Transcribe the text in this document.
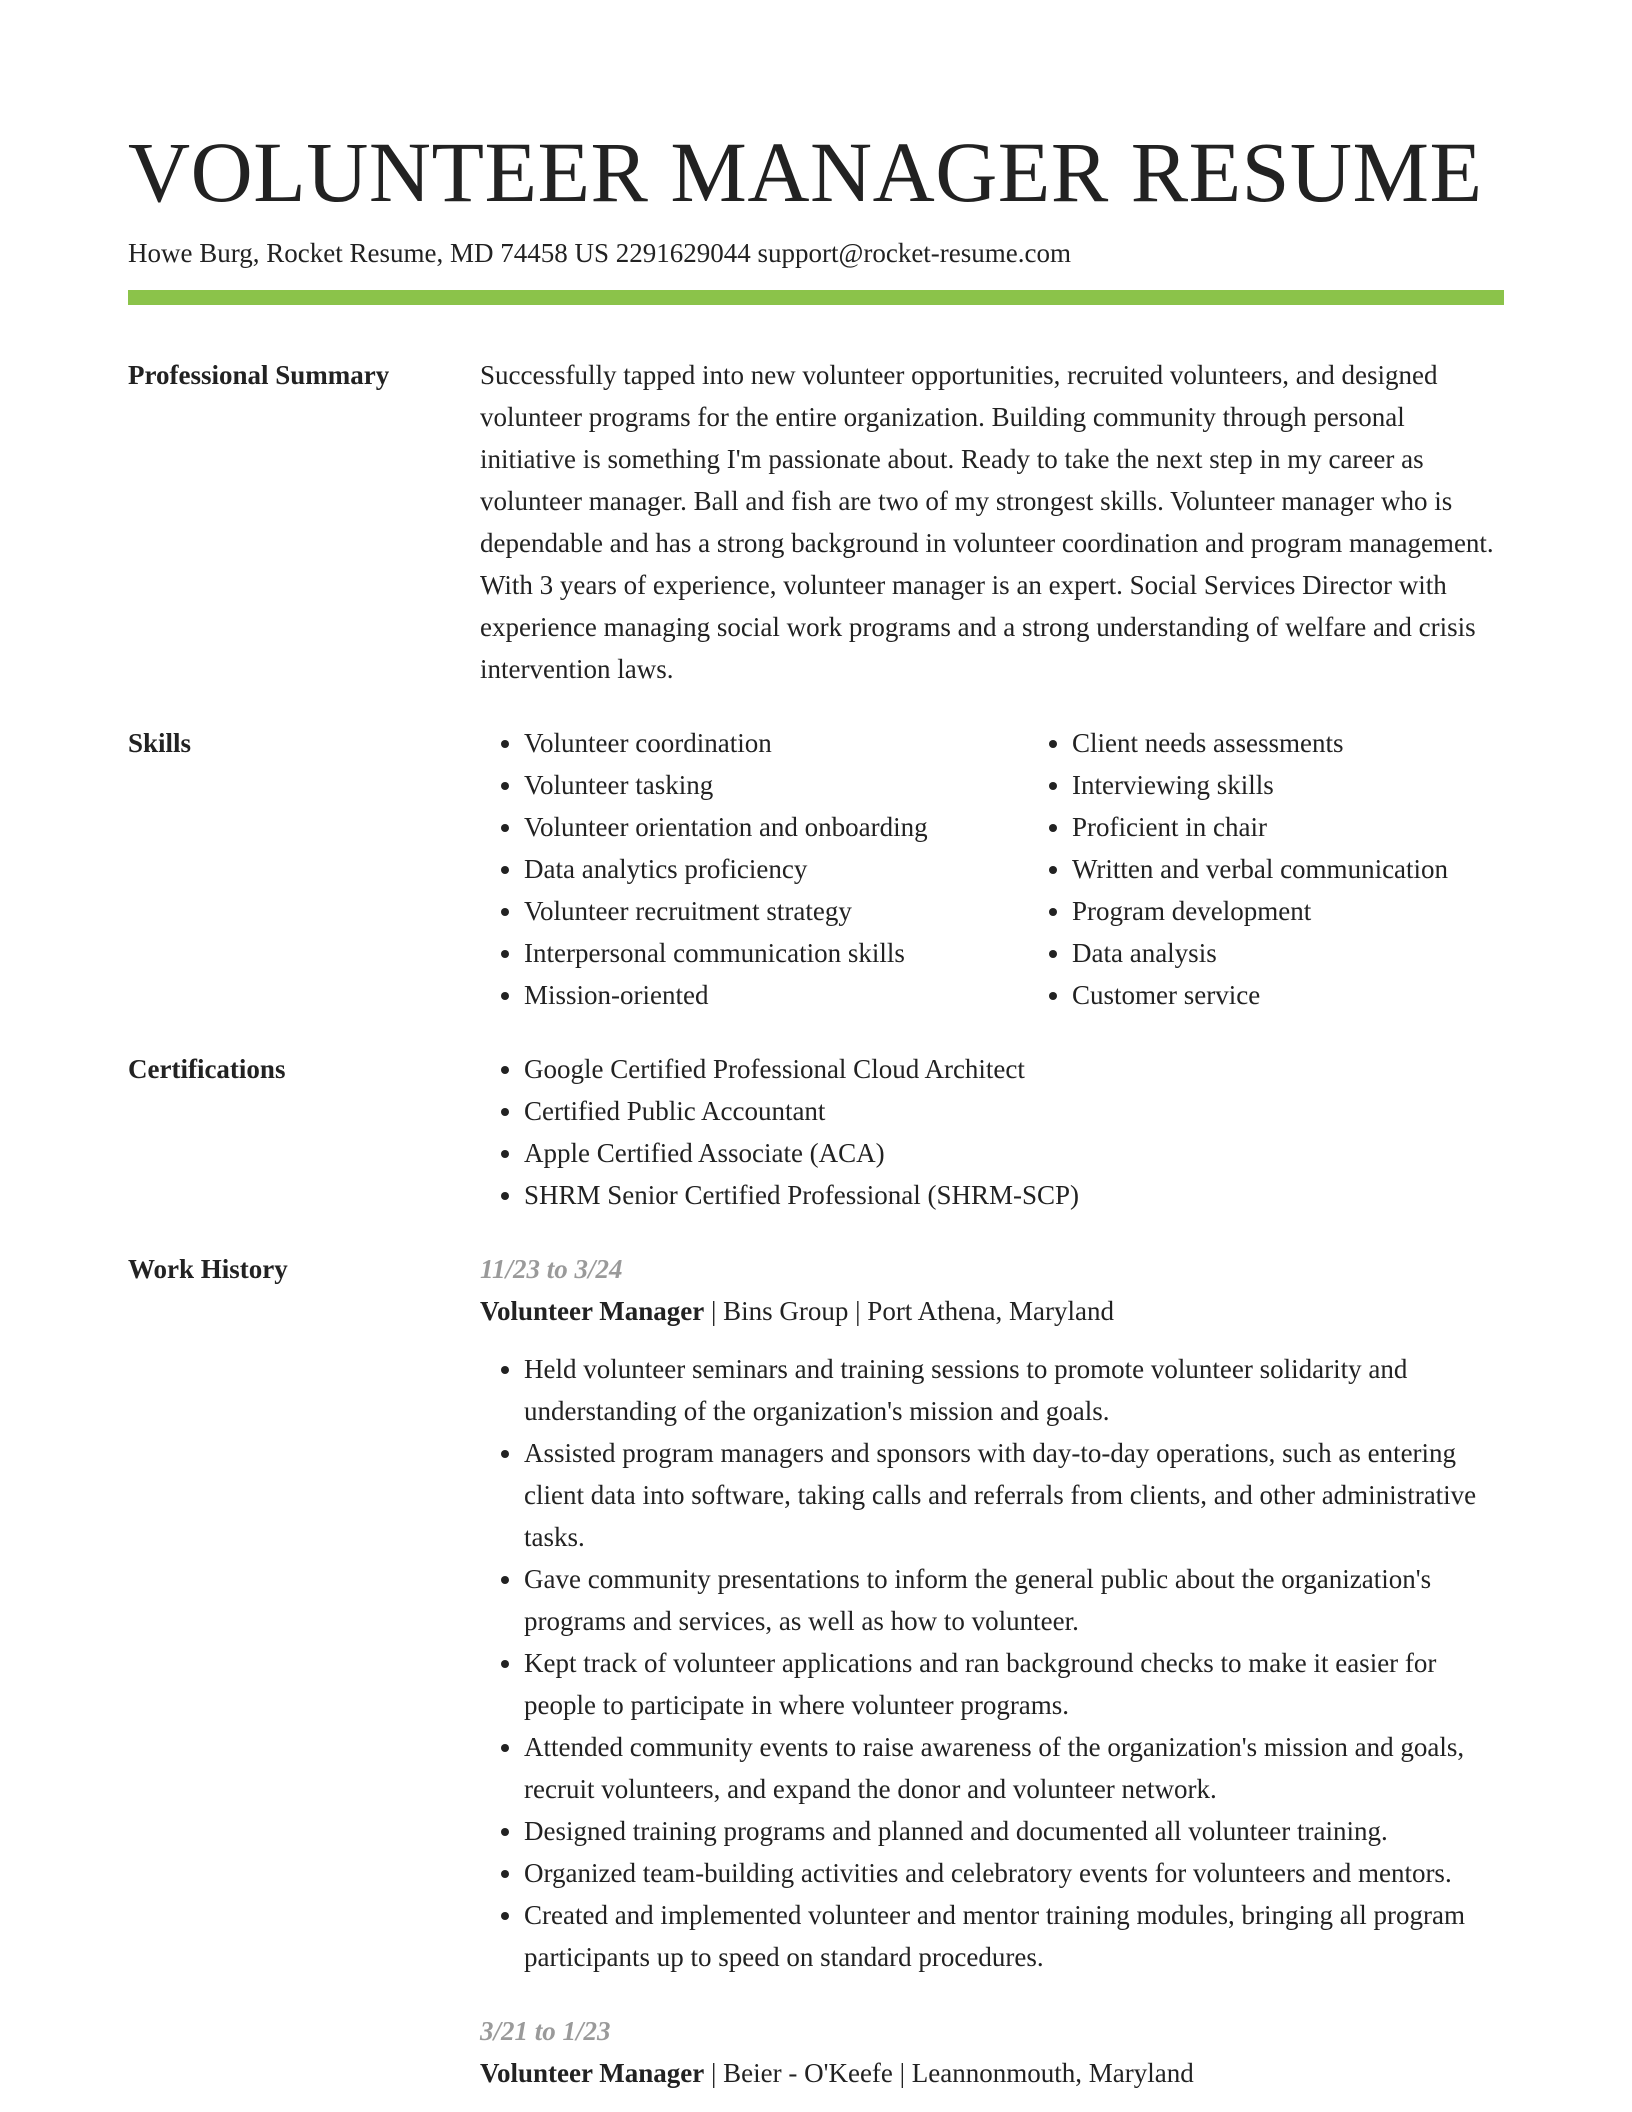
VOLUNTEER MANAGER RESUME
Howe Burg, Rocket Resume, MD 74458 US 2291629044 support@rocket-resume.com
Professional Summary	Successfully tapped into new volunteer opportunities, recruited volunteers, and designed volunteer programs for the entire organization. Building community through personal initiative is something I'm passionate about. Ready to take the next step in my career as volunteer manager. Ball and fish are two of my strongest skills. Volunteer manager who is dependable and has a strong background in volunteer coordination and program management. With 3 years of experience, volunteer manager is an expert. Social Services Director with experience managing social work programs and a strong understanding of welfare and crisis intervention laws.
Skills	• Volunteer coordination
• Volunteer tasking
• Volunteer orientation and onboarding
• Data analytics proficiency
• Volunteer recruitment strategy
• Interpersonal communication skills
• Mission-oriented
• Client needs assessments
• Interviewing skills
• Proficient in chair
• Written and verbal communication
• Program development
• Data analysis
• Customer service
Certifications	• Google Certified Professional Cloud Architect
• Certified Public Accountant
• Apple Certified Associate (ACA)
• SHRM Senior Certified Professional (SHRM-SCP)
Work History	11/23 to 3/24
Volunteer Manager | Bins Group | Port Athena, Maryland
• Held volunteer seminars and training sessions to promote volunteer solidarity and understanding of the organization's mission and goals.
• Assisted program managers and sponsors with day-to-day operations, such as entering client data into software, taking calls and referrals from clients, and other administrative tasks.
• Gave community presentations to inform the general public about the organization's programs and services, as well as how to volunteer.
• Kept track of volunteer applications and ran background checks to make it easier for people to participate in where volunteer programs.
• Attended community events to raise awareness of the organization's mission and goals, recruit volunteers, and expand the donor and volunteer network.
• Designed training programs and planned and documented all volunteer training.
• Organized team-building activities and celebratory events for volunteers and mentors.
• Created and implemented volunteer and mentor training modules, bringing all program participants up to speed on standard procedures.
3/21 to 1/23
Volunteer Manager | Beier - O'Keefe | Leannonmouth, Maryland
